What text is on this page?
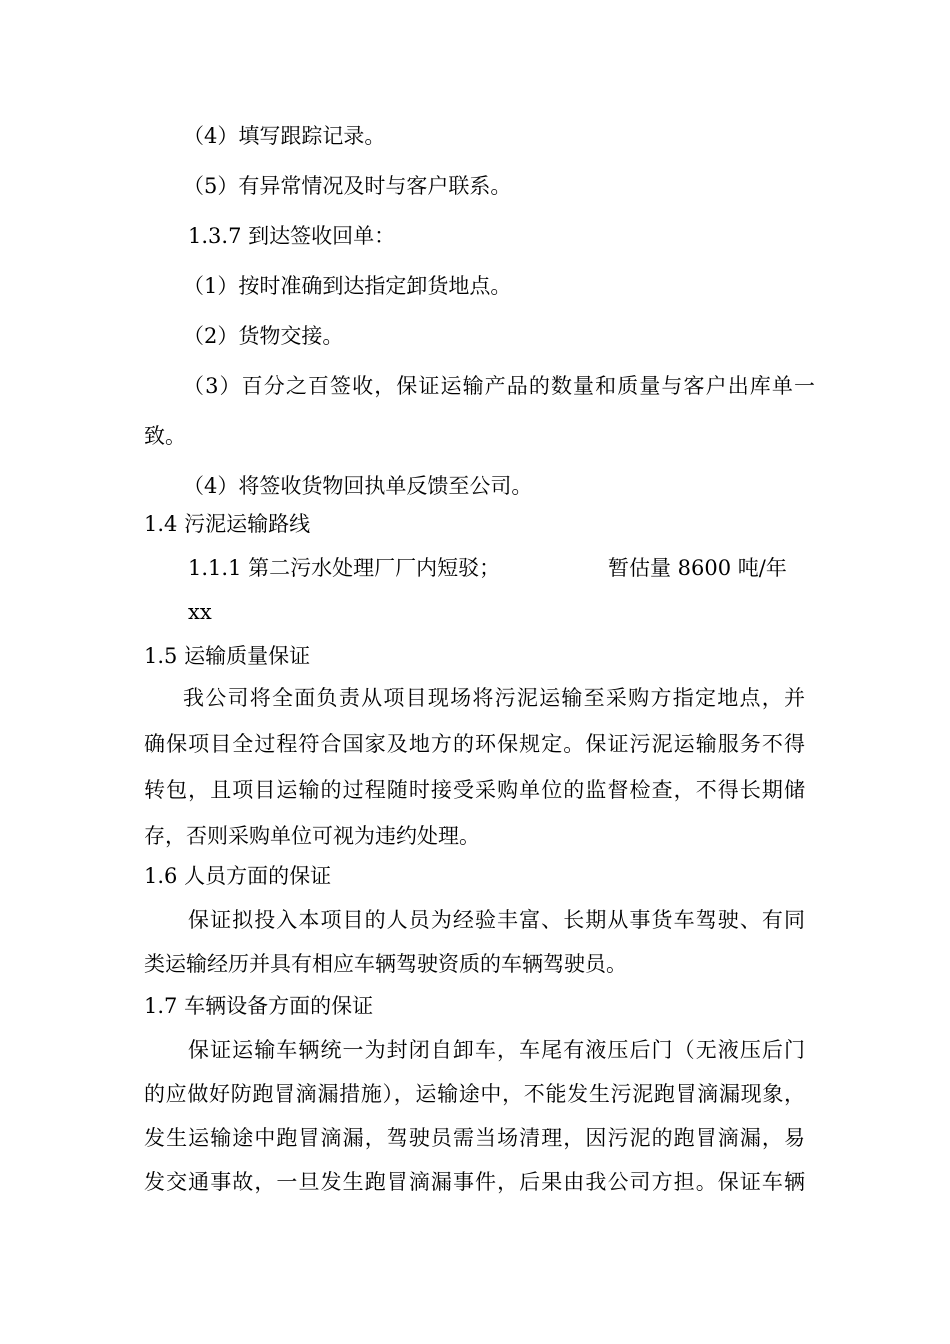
（4）填写跟踪记录。
（5）有异常情况及时与客户联系。
1.3.7 到达签收回单：
（1）按时准确到达指定卸货地点。
（2）货物交接。
（3）百分之百签收，保证运输产品的数量和质量与客户出库单一
致。
（4）将签收货物回执单反馈至公司。
1.4 污泥运输路线
1.1.1 第二污水处理厂厂内短驳；	暂估量 8600 吨/年
xx
1.5 运输质量保证
我公司将全面负责从项目现场将污泥运输至采购方指定地点，并
确保项目全过程符合国家及地方的环保规定。保证污泥运输服务不得
转包，且项目运输的过程随时接受采购单位的监督检查，不得长期储
存，否则采购单位可视为违约处理。
1.6 人员方面的保证
保证拟投入本项目的人员为经验丰富、长期从事货车驾驶、有同
类运输经历并具有相应车辆驾驶资质的车辆驾驶员。
1.7 车辆设备方面的保证
保证运输车辆统一为封闭自卸车，车尾有液压后门（无液压后门
的应做好防跑冒滴漏措施），运输途中，不能发生污泥跑冒滴漏现象，
发生运输途中跑冒滴漏，驾驶员需当场清理，因污泥的跑冒滴漏，易
发交通事故，一旦发生跑冒滴漏事件，后果由我公司方担。保证车辆
